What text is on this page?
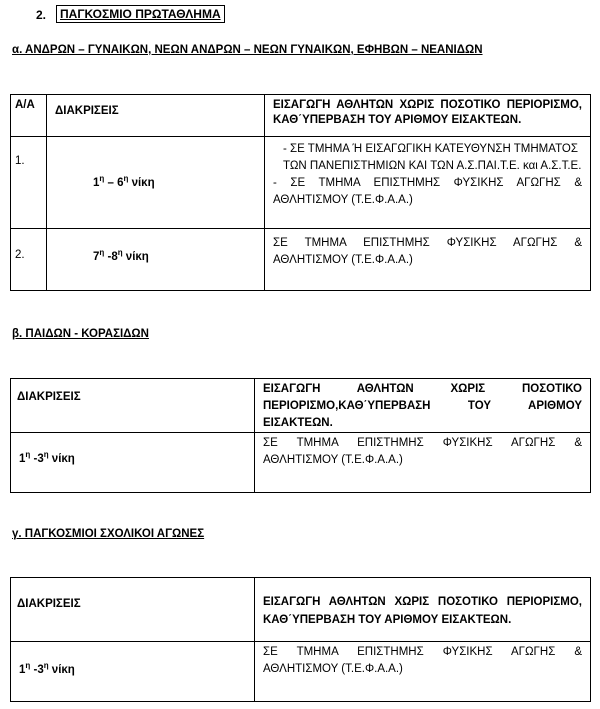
2.	ΠΑΓΚΟΣΜΙΟ ΠΡΩΤΑΘΛΗΜΑ
α. ΑΝΔΡΩΝ – ΓΥΝΑΙΚΩΝ, ΝΕΩΝ ΑΝΔΡΩΝ – ΝΕΩΝ ΓΥΝΑΙΚΩΝ, ΕΦΗΒΩΝ – ΝΕΑΝΙΔΩΝ
Α/Α	ΔΙΑΚΡΙΣΕΙΣ	ΕΙΣΑΓΩΓΗ ΑΘΛΗΤΩΝ ΧΩΡΙΣ ΠΟΣΟΤΙΚΟ ΠΕΡΙΟΡΙΣΜΟ,
ΚΑΘ΄ΥΠΕΡΒΑΣΗ ΤΟΥ ΑΡΙΘΜΟΥ ΕΙΣΑΚΤΕΩΝ.

1.	$1^\eta - 6^\eta$ νίκη	- ΣΕ ΤΜΗΜΑ Ή ΕΙΣΑΓΩΓΙΚΗ ΚΑΤΕΥΘΥΝΣΗ ΤΜΗΜΑΤΟΣ
ΤΩΝ ΠΑΝΕΠΙΣΤΗΜΙΩΝ ΚΑΙ ΤΩΝ Α.Σ.ΠΑΙ.Τ.Ε. και Α.Σ.Τ.Ε.
- ΣΕ ΤΜΗΜΑ ΕΠΙΣΤΗΜΗΣ ΦΥΣΙΚΗΣ ΑΓΩΓΗΣ &
ΑΘΛΗΤΙΣΜΟΥ (Τ.Ε.Φ.Α.Α.)

2.	$7^\eta$ $-8^\eta$ νίκη	ΣΕ ΤΜΗΜΑ ΕΠΙΣΤΗΜΗΣ ΦΥΣΙΚΗΣ ΑΓΩΓΗΣ &
ΑΘΛΗΤΙΣΜΟΥ (Τ.Ε.Φ.Α.Α.)
β. ΠΑΙΔΩΝ - ΚΟΡΑΣΙΔΩΝ
ΔΙΑΚΡΙΣΕΙΣ	ΕΙΣΑΓΩΓΗ ΑΘΛΗΤΩΝ ΧΩΡΙΣ ΠΟΣΟΤΙΚΟ
ΠΕΡΙΟΡΙΣΜΟ,ΚΑΘ΄ΥΠΕΡΒΑΣΗ ΤΟΥ ΑΡΙΘΜΟΥ
ΕΙΣΑΚΤΕΩΝ.

$1^\eta$ $-3^\eta$ νίκη	ΣΕ ΤΜΗΜΑ ΕΠΙΣΤΗΜΗΣ ΦΥΣΙΚΗΣ ΑΓΩΓΗΣ &
ΑΘΛΗΤΙΣΜΟΥ (Τ.Ε.Φ.Α.Α.)
γ. ΠΑΓΚΟΣΜΙΟΙ ΣΧΟΛΙΚΟΙ ΑΓΩΝΕΣ
ΔΙΑΚΡΙΣΕΙΣ	ΕΙΣΑΓΩΓΗ ΑΘΛΗΤΩΝ ΧΩΡΙΣ ΠΟΣΟΤΙΚΟ ΠΕΡΙΟΡΙΣΜΟ,
ΚΑΘ΄ΥΠΕΡΒΑΣΗ ΤΟΥ ΑΡΙΘΜΟΥ ΕΙΣΑΚΤΕΩΝ.

$1^\eta$ $-3^\eta$ νίκη	ΣΕ ΤΜΗΜΑ ΕΠΙΣΤΗΜΗΣ ΦΥΣΙΚΗΣ ΑΓΩΓΗΣ &
ΑΘΛΗΤΙΣΜΟΥ (Τ.Ε.Φ.Α.Α.)
